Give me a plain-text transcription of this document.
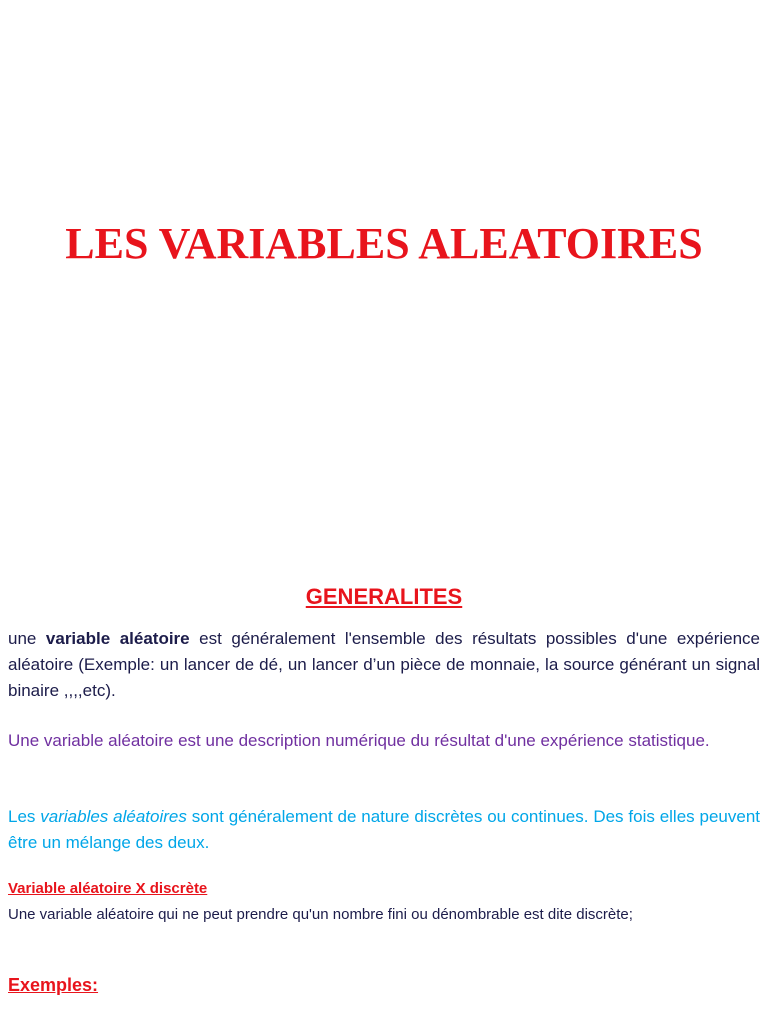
LES VARIABLES ALEATOIRES
GENERALITES

une variable aléatoire est généralement l'ensemble des résultats possibles d'une expérience aléatoire (Exemple: un lancer de dé, un lancer d’un pièce de monnaie, la source générant un signal binaire ,,,,etc).

Une variable aléatoire est une description numérique du résultat d'une expérience statistique.

Les variables aléatoires sont généralement de nature discrètes ou continues. Des fois elles peuvent être un mélange des deux.

Variable aléatoire X discrète

Une variable aléatoire qui ne peut prendre qu'un nombre fini ou dénombrable est dite discrète;

Exemples:
